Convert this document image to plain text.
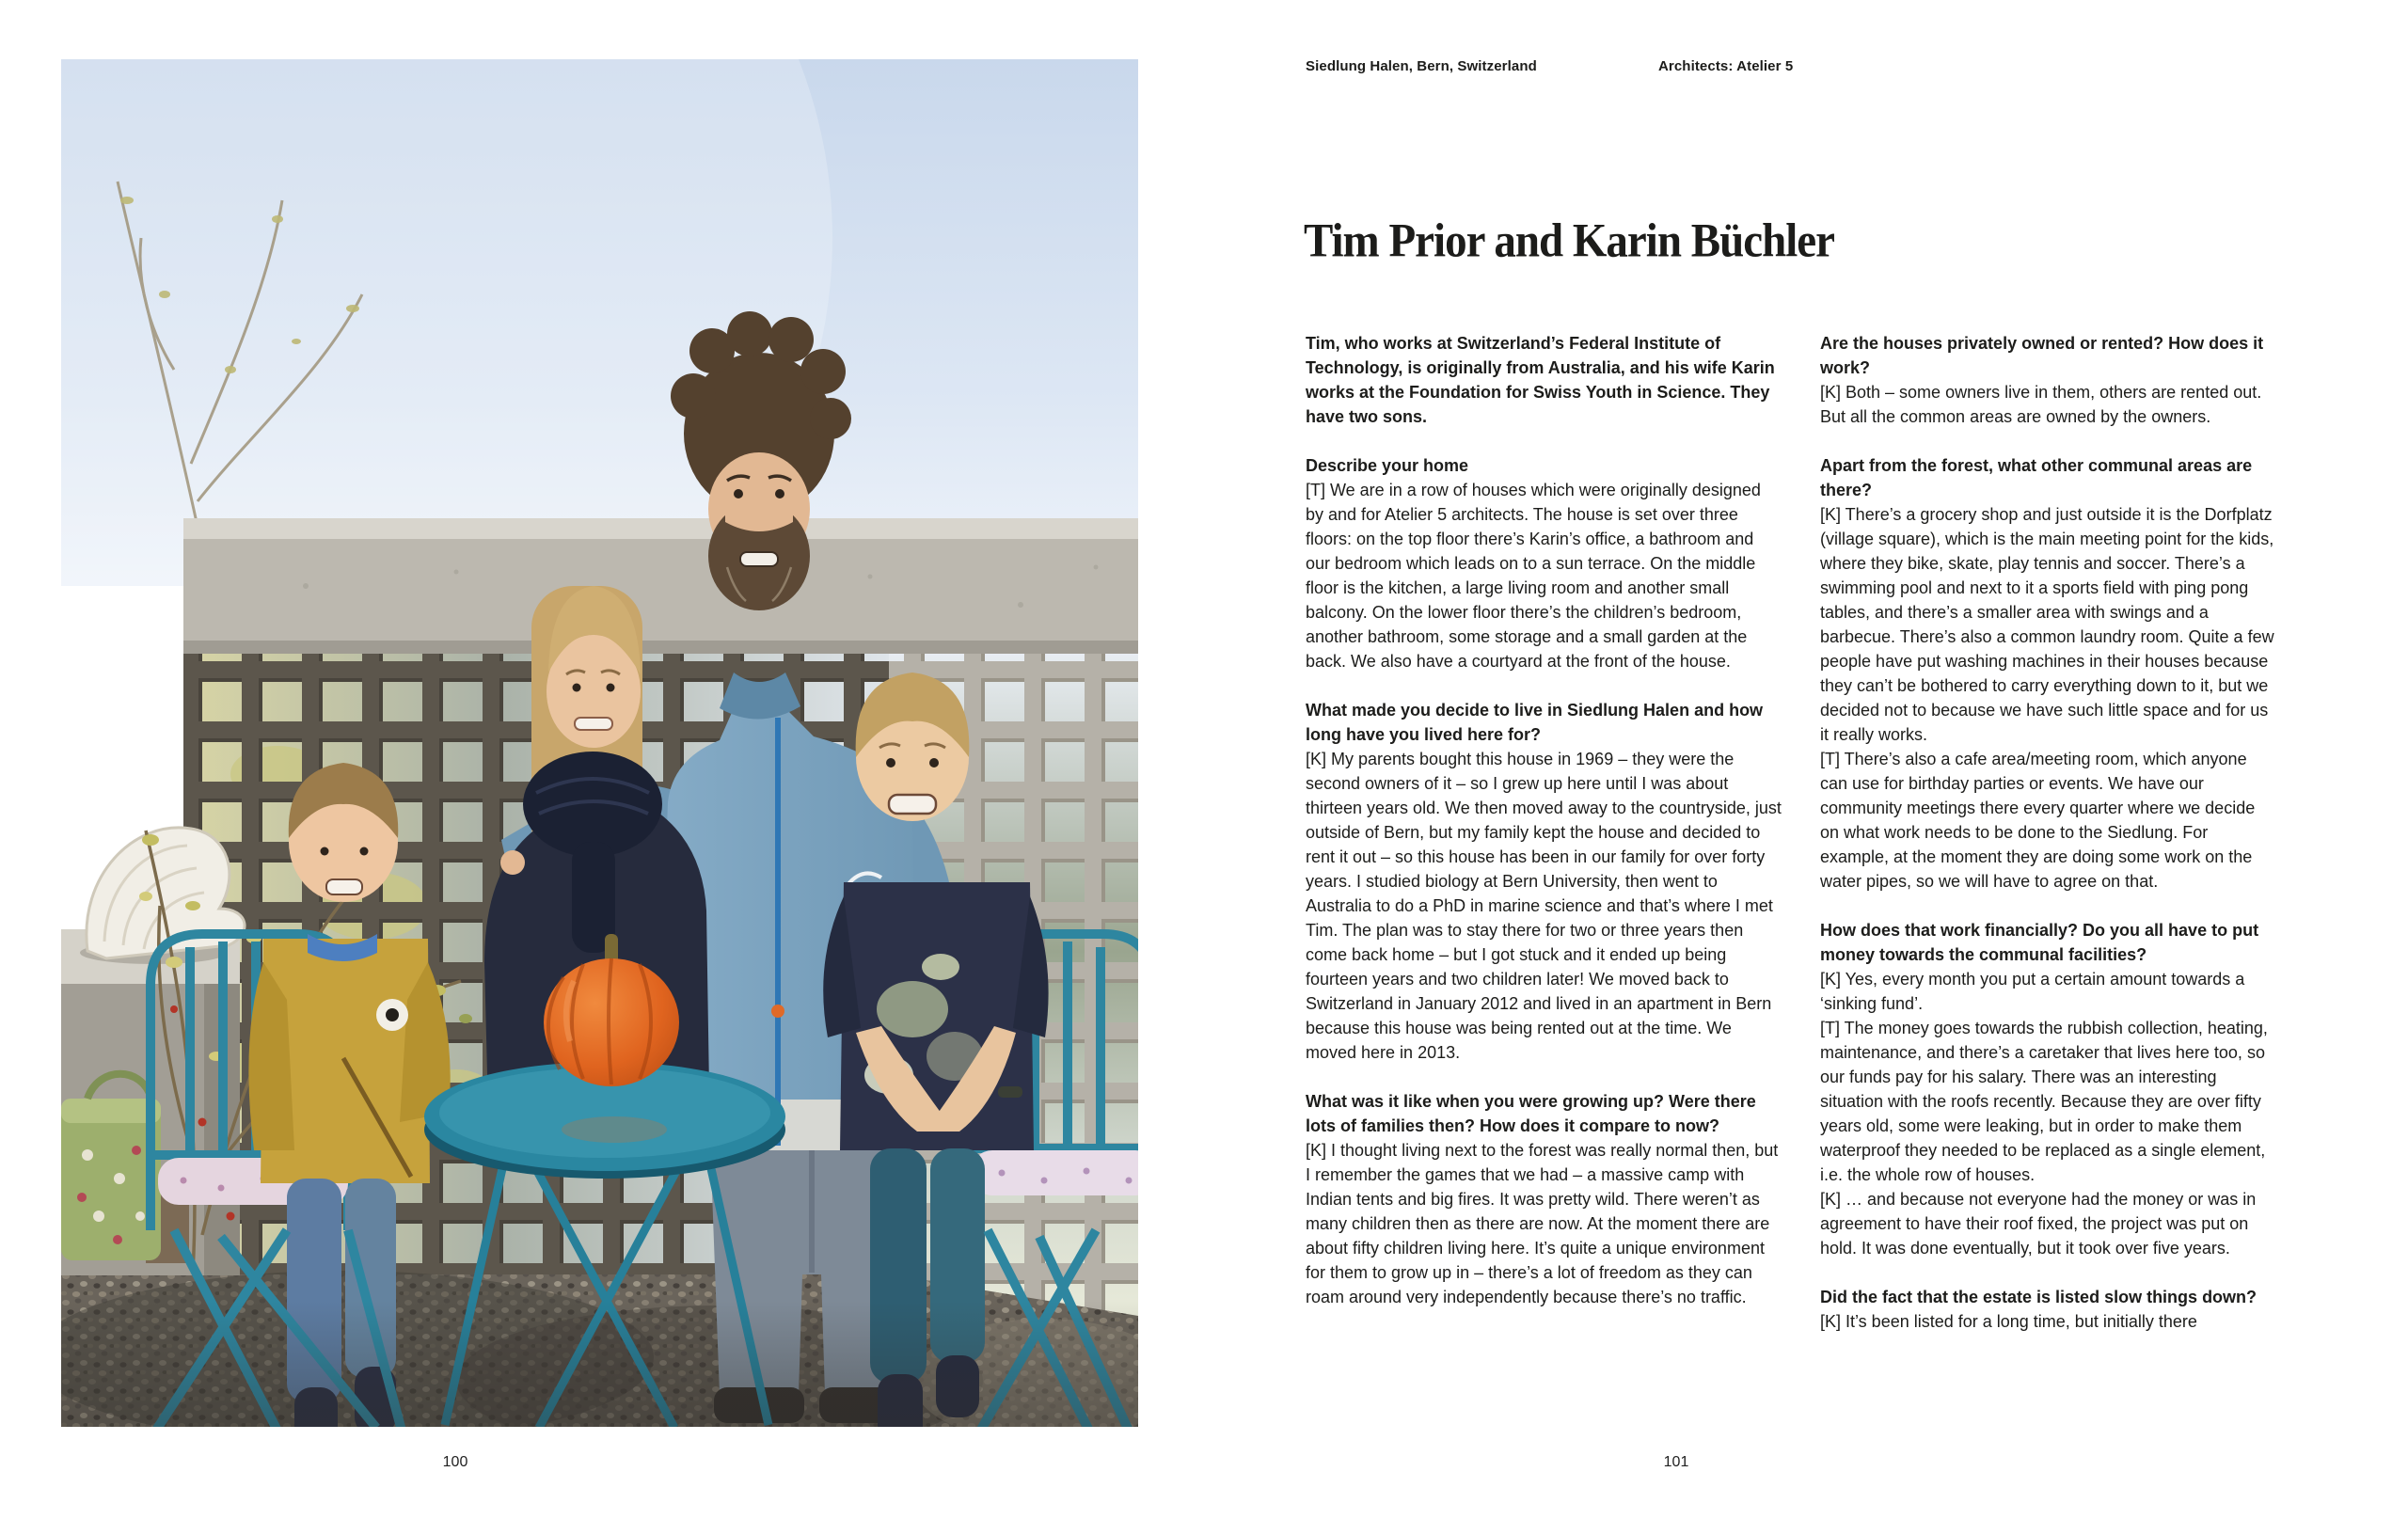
100
Siedlung Halen, Bern, Switzerland	Architects: Atelier 5
Tim Prior and Karin Büchler

Tim, who works at Switzerland’s Federal Institute of Technology, is originally from Australia, and his wife Karin works at the Foundation for Swiss Youth in Science. They have two sons.

Describe your home

[T] We are in a row of houses which were originally designed by and for Atelier 5 architects. The house is set over three floors: on the top floor there’s Karin’s office, a bathroom and our bedroom which leads on to a sun terrace. On the middle floor is the kitchen, a large living room and another small balcony. On the lower floor there’s the children’s bedroom, another bathroom, some storage and a small garden at the back. We also have a courtyard at the front of the house.

What made you decide to live in Siedlung Halen and how long have you lived here for?

[K] My parents bought this house in 1969 – they were the second owners of it – so I grew up here until I was about thirteen years old. We then moved away to the countryside, just outside of Bern, but my family kept the house and decided to rent it out – so this house has been in our family for over forty years. I studied biology at Bern University, then went to Australia to do a PhD in marine science and that’s where I met Tim. The plan was to stay there for two or three years then come back home – but I got stuck and it ended up being fourteen years and two children later! We moved back to Switzerland in January 2012 and lived in an apartment in Bern because this house was being rented out at the time. We moved here in 2013.

What was it like when you were growing up? Were there lots of families then? How does it compare to now?

[K] I thought living next to the forest was really normal then, but I remember the games that we had – a massive camp with Indian tents and big fires. It was pretty wild. There weren’t as many children then as there are now. At the moment there are about fifty children living here. It’s quite a unique environment for them to grow up in – there’s a lot of freedom as they can roam around very independently because there’s no traffic.

Are the houses privately owned or rented? How does it work?

[K] Both – some owners live in them, others are rented out. But all the common areas are owned by the owners.

Apart from the forest, what other communal areas are there?

[K] There’s a grocery shop and just outside it is the Dorfplatz (village square), which is the main meeting point for the kids, where they bike, skate, play tennis and soccer. There’s a swimming pool and next to it a sports field with ping pong tables, and there’s a smaller area with swings and a barbecue. There’s also a common laundry room. Quite a few people have put washing machines in their houses because they can’t be bothered to carry everything down to it, but we decided not to because we have such little space and for us it really works.

[T] There’s also a cafe area/meeting room, which anyone can use for birthday parties or events. We have our community meetings there every quarter where we decide on what work needs to be done to the Siedlung. For example, at the moment they are doing some work on the water pipes, so we will have to agree on that.

How does that work financially? Do you all have to put money towards the communal facilities?

[K] Yes, every month you put a certain amount towards a ‘sinking fund’.

[T] The money goes towards the rubbish collection, heating, maintenance, and there’s a caretaker that lives here too, so our funds pay for his salary. There was an interesting situation with the roofs recently. Because they are over fifty years old, some were leaking, but in order to make them waterproof they needed to be replaced as a single element, i.e. the whole row of houses.

[K] … and because not everyone had the money or was in agreement to have their roof fixed, the project was put on hold. It was done eventually, but it took over five years.

Did the fact that the estate is listed slow things down?

[K] It’s been listed for a long time, but initially there

101
